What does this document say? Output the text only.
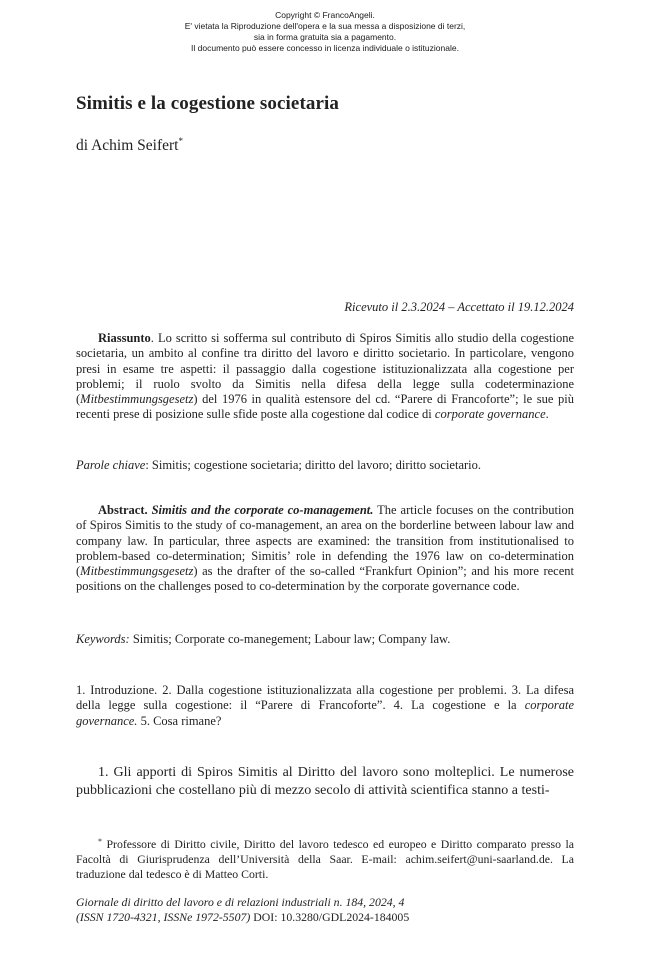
Copyright © FrancoAngeli.
E' vietata la Riproduzione dell'opera e la sua messa a disposizione di terzi,
sia in forma gratuita sia a pagamento.
Il documento può essere concesso in licenza individuale o istituzionale.
Simitis e la cogestione societaria
di Achim Seifert*
Ricevuto il 2.3.2024 – Accettato il 19.12.2024

Riassunto. Lo scritto si sofferma sul contributo di Spiros Simitis allo studio della cogestione societaria, un ambito al confine tra diritto del lavoro e diritto societario. In particolare, vengono presi in esame tre aspetti: il passaggio dalla cogestione istituzionalizzata alla cogestione per problemi; il ruolo svolto da Simitis nella difesa della legge sulla codeterminazione (Mitbestimmungsgesetz) del 1976 in qualità estensore del cd. “Parere di Francoforte”; le sue più recenti prese di posizione sulle sfide poste alla cogestione dal codice di corporate governance.

Parole chiave: Simitis; cogestione societaria; diritto del lavoro; diritto societario.

Abstract. Simitis and the corporate co-management. The article focuses on the contribution of Spiros Simitis to the study of co-management, an area on the borderline between labour law and company law. In particular, three aspects are examined: the transition from institutionalised to problem-based co-determination; Simitis’ role in defending the 1976 law on co-determination (Mitbestimmungsgesetz) as the drafter of the so-called “Frankfurt Opinion”; and his more recent positions on the challenges posed to co-determination by the corporate governance code.

Keywords: Simitis; Corporate co-manegement; Labour law; Company law.

1. Introduzione. 2. Dalla cogestione istituzionalizzata alla cogestione per problemi. 3. La difesa della legge sulla cogestione: il “Parere di Francoforte”. 4. La cogestione e la corporate governance. 5. Cosa rimane?

1. Gli apporti di Spiros Simitis al Diritto del lavoro sono molteplici. Le numerose pubblicazioni che costellano più di mezzo secolo di attività scientifica stanno a testi-

* Professore di Diritto civile, Diritto del lavoro tedesco ed europeo e Diritto comparato presso la Facoltà di Giurisprudenza dell’Università della Saar. E-mail: achim.seifert@uni-saarland.de. La traduzione dal tedesco è di Matteo Corti.

Giornale di diritto del lavoro e di relazioni industriali n. 184, 2024, 4
(ISSN 1720-4321, ISSNe 1972-5507) DOI: 10.3280/GDL2024-184005
